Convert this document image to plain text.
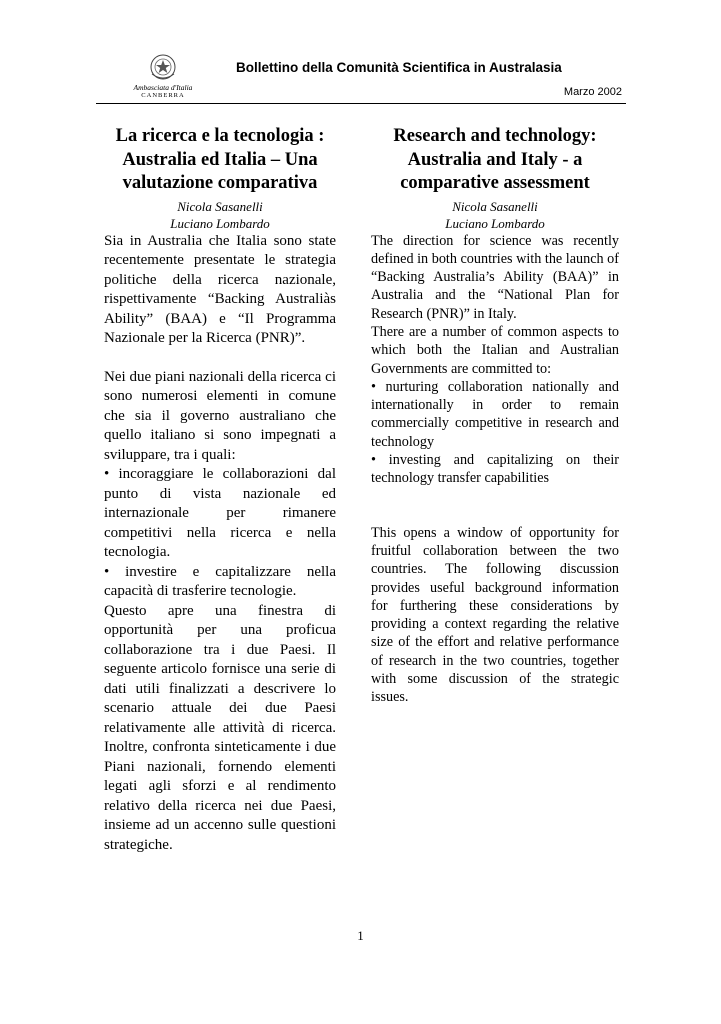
Ambasciata d'Italia
CANBERRA
Bollettino della Comunità Scientifica in Australasia
Marzo 2002
La ricerca e la tecnologia : Australia ed Italia – Una valutazione comparativa
Nicola Sasanelli
Luciano Lombardo

Sia in Australia che Italia sono state recentemente presentate le strategia politiche della ricerca nazionale, rispettivamente “Backing Australiàs Ability” (BAA) e “Il Programma Nazionale per la Ricerca (PNR)”.

Nei due piani nazionali della ricerca ci sono numerosi elementi in comune che sia il governo australiano che quello italiano si sono impegnati a sviluppare, tra i quali:

• incoraggiare le collaborazioni dal punto di vista nazionale ed internazionale per rimanere competitivi nella ricerca e nella tecnologia.

• investire e capitalizzare nella capacità di trasferire tecnologie.

Questo apre una finestra di opportunità per una proficua collaborazione tra i due Paesi. Il seguente articolo fornisce una serie di dati utili finalizzati a descrivere lo scenario attuale dei due Paesi relativamente alle attività di ricerca. Inoltre, confronta sinteticamente i due Piani nazionali, fornendo elementi legati agli sforzi e al rendimento relativo della ricerca nei due Paesi, insieme ad un accenno sulle questioni strategiche.

Research and technology: Australia and Italy - a comparative assessment
Nicola Sasanelli
Luciano Lombardo

The direction for science was recently defined in both countries with the launch of “Backing Australia’s Ability (BAA)” in Australia and the “National Plan for Research (PNR)” in Italy.

There are a number of common aspects to which both the Italian and Australian Governments are committed to:

• nurturing collaboration nationally and internationally in order to remain commercially competitive in research and technology

• investing and capitalizing on their technology transfer capabilities

This opens a window of opportunity for fruitful collaboration between the two countries. The following discussion provides useful background information for furthering these considerations by providing a context regarding the relative size of the effort and relative performance of research in the two countries, together with some discussion of the strategic issues.

1
